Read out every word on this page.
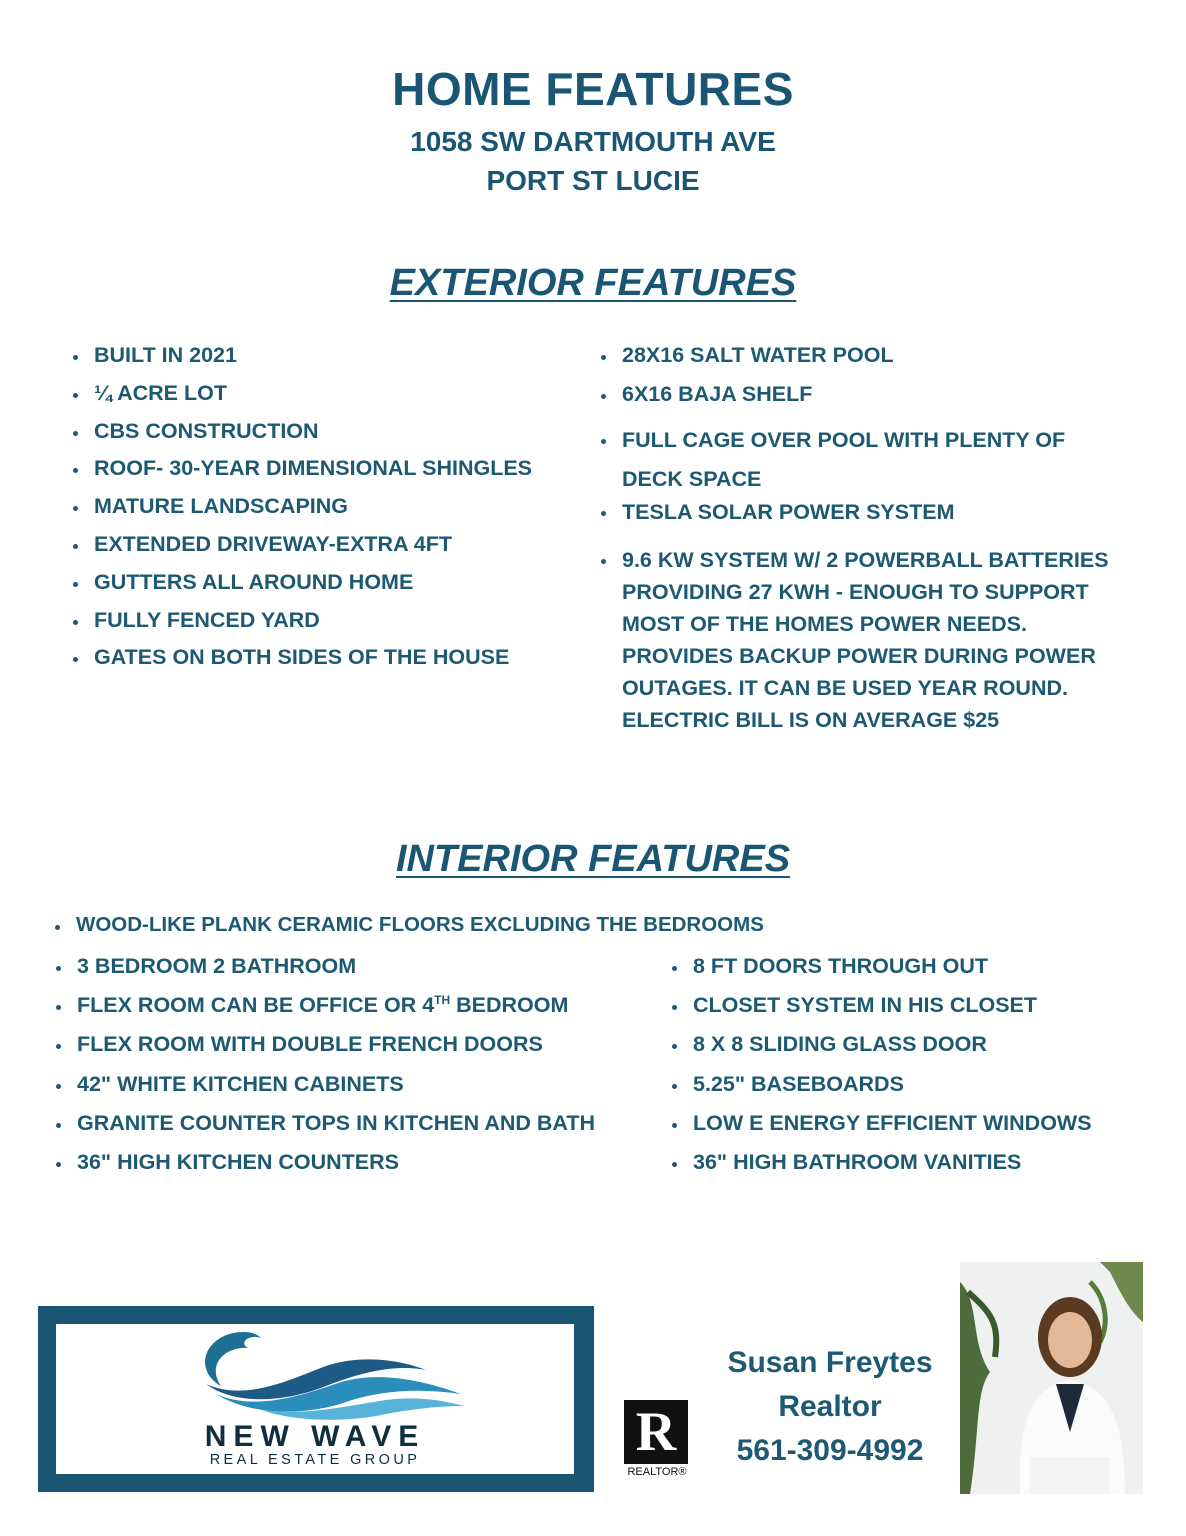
HOME FEATURES
1058 SW DARTMOUTH AVE
PORT ST LUCIE
EXTERIOR FEATURES
BUILT IN 2021
¼ ACRE LOT
CBS CONSTRUCTION
ROOF- 30-YEAR DIMENSIONAL SHINGLES
MATURE LANDSCAPING
EXTENDED DRIVEWAY-EXTRA 4FT
GUTTERS ALL AROUND HOME
FULLY FENCED YARD
GATES ON BOTH SIDES OF THE HOUSE
28X16 SALT WATER POOL
6X16 BAJA SHELF
FULL CAGE OVER POOL WITH PLENTY OF DECK SPACE
TESLA SOLAR POWER SYSTEM
9.6 KW SYSTEM W/ 2 POWERBALL BATTERIES PROVIDING 27 KWH - ENOUGH TO SUPPORT MOST OF THE HOMES POWER NEEDS. PROVIDES BACKUP POWER DURING POWER OUTAGES. IT CAN BE USED YEAR ROUND. ELECTRIC BILL IS ON AVERAGE $25
INTERIOR FEATURES
WOOD-LIKE PLANK CERAMIC FLOORS EXCLUDING THE BEDROOMS
3 BEDROOM 2 BATHROOM
FLEX ROOM CAN BE OFFICE OR 4TH BEDROOM
FLEX ROOM WITH DOUBLE FRENCH DOORS
42" WHITE KITCHEN CABINETS
GRANITE COUNTER TOPS IN KITCHEN AND BATH
36" HIGH KITCHEN COUNTERS
8 FT DOORS THROUGH OUT
CLOSET SYSTEM IN HIS CLOSET
8 X 8 SLIDING GLASS DOOR
5.25" BASEBOARDS
LOW E ENERGY EFFICIENT WINDOWS
36" HIGH BATHROOM VANITIES
NEW WAVE
REAL ESTATE GROUP	R
REALTOR®
Susan Freytes
Realtor
561-309-4992
